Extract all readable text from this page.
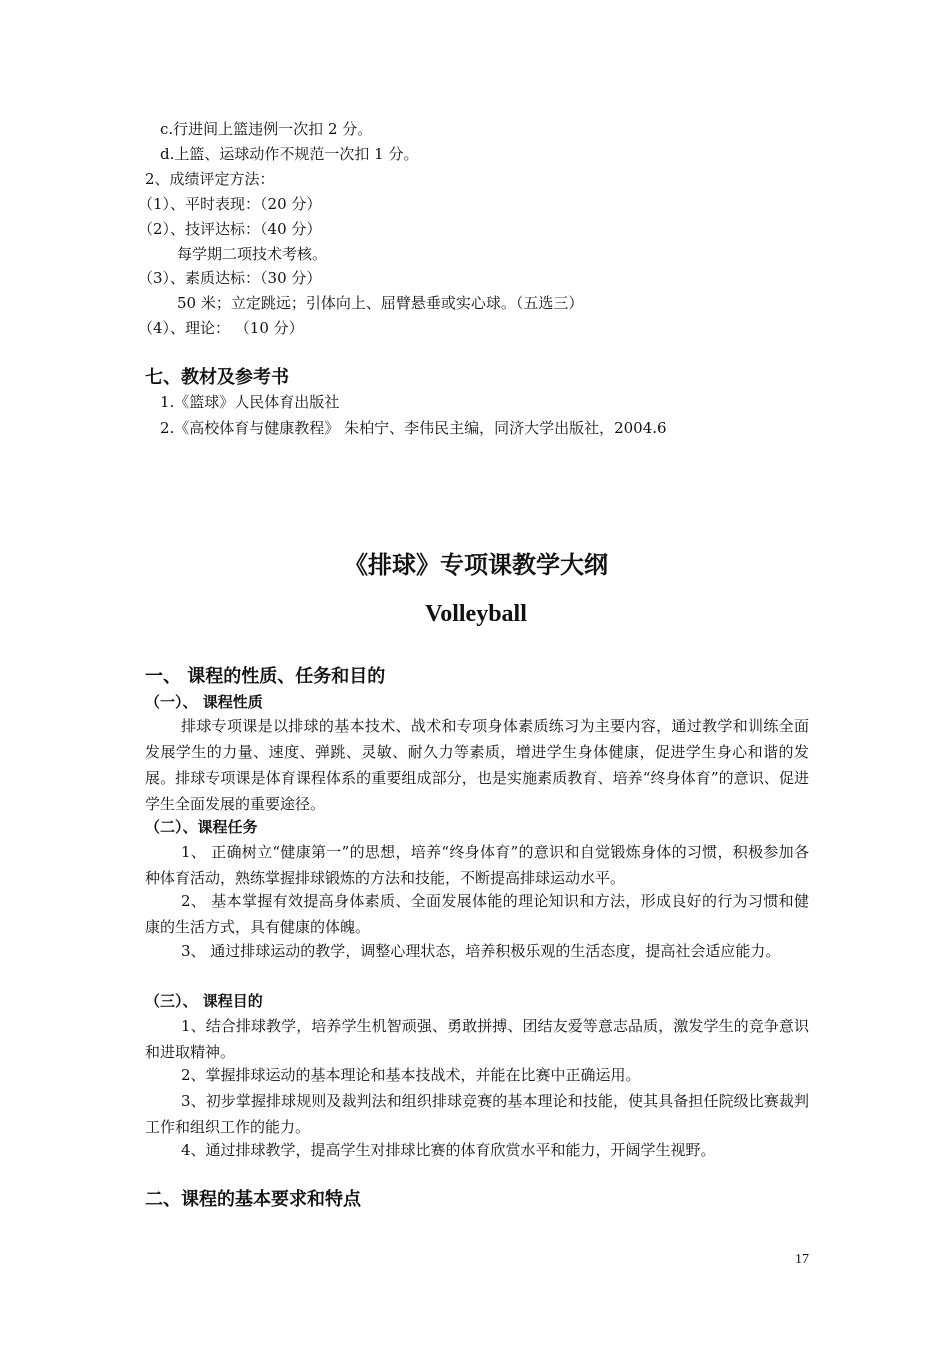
c.行进间上篮违例一次扣 2 分。
d.上篮、运球动作不规范一次扣 1 分。
2、成绩评定方法：
（1）、平时表现：（20 分）
（2）、技评达标：（40 分）
每学期二项技术考核。
（3）、素质达标：（30 分）
50 米；立定跳远；引体向上、屈臂悬垂或实心球。（五选三）
（4）、理论： （10 分）
七、教材及参考书
1.《篮球》人民体育出版社
2.《高校体育与健康教程》 朱柏宁、李伟民主编，同济大学出版社，2004.6
《排球》专项课教学大纲
Volleyball
一、 课程的性质、任务和目的
（一）、 课程性质
排球专项课是以排球的基本技术、战术和专项身体素质练习为主要内容，通过教学和训练全面发展学生的力量、速度、弹跳、灵敏、耐久力等素质，增进学生身体健康，促进学生身心和谐的发展。排球专项课是体育课程体系的重要组成部分，也是实施素质教育、培养“终身体育”的意识、促进学生全面发展的重要途径。
（二）、课程任务
1、 正确树立“健康第一”的思想，培养“终身体育”的意识和自觉锻炼身体的习惯，积极参加各种体育活动，熟练掌握排球锻炼的方法和技能，不断提高排球运动水平。
2、 基本掌握有效提高身体素质、全面发展体能的理论知识和方法，形成良好的行为习惯和健康的生活方式，具有健康的体魄。
3、 通过排球运动的教学，调整心理状态，培养积极乐观的生活态度，提高社会适应能力。
（三）、 课程目的
1、结合排球教学，培养学生机智顽强、勇敢拼搏、团结友爱等意志品质，激发学生的竞争意识和进取精神。
2、掌握排球运动的基本理论和基本技战术，并能在比赛中正确运用。
3、初步掌握排球规则及裁判法和组织排球竞赛的基本理论和技能，使其具备担任院级比赛裁判工作和组织工作的能力。
4、通过排球教学，提高学生对排球比赛的体育欣赏水平和能力，开阔学生视野。
二、课程的基本要求和特点
17
